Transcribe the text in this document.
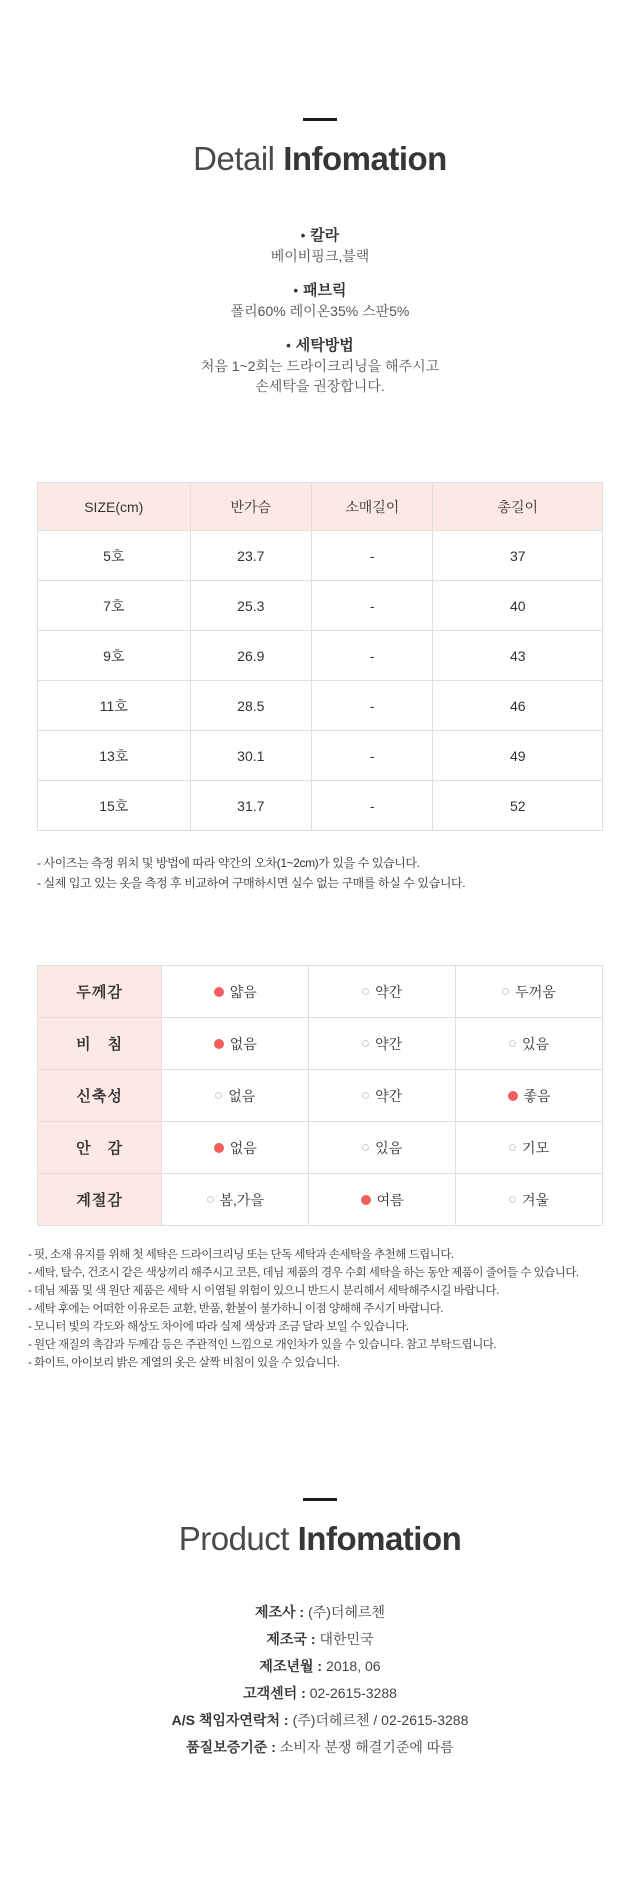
Detail Infomation
• 칼라
베이비핑크,블랙
• 패브릭
폴리60% 레이온35% 스판5%
• 세탁방법
처음 1~2회는 드라이크리닝을 해주시고
손세탁을 권장합니다.
SIZE(cm)	반가슴	소매길이	총길이
5호	23.7	-	37
7호	25.3	-	40
9호	26.9	-	43
11호	28.5	-	46
13호	30.1	-	49
15호	31.7	-	52

- 사이즈는 측정 위치 및 방법에 따라 약간의 오차(1~2cm)가 있을 수 있습니다.

- 실제 입고 있는 옷을 측정 후 비교하여 구매하시면 실수 없는 구매를 하실 수 있습니다.

두께감	얇음	약간	두꺼움

비　침	없음	약간	있음

신축성	없음	약간	좋음

안　감	없음	있음	기모

계절감	봄,가을	여름	겨울

- 핏, 소재 유지를 위해 첫 세탁은 드라이크리닝 또는 단독 세탁과 손세탁을 추천해 드립니다.

- 세탁, 탈수, 건조시 같은 색상끼리 해주시고 코튼, 데님 제품의 경우 수회 세탁을 하는 동안 제품이 줄어들 수 있습니다.

- 데님 제품 및 색 원단 제품은 세탁 시 이염될 위험이 있으니 반드시 분리해서 세탁해주시길 바랍니다.

- 세탁 후에는 어떠한 이유로든 교환, 반품, 환불이 불가하니 이점 양해해 주시기 바랍니다.

- 모니터 빛의 각도와 해상도 차이에 따라 실제 색상과 조금 달라 보일 수 있습니다.

- 원단 재질의 촉감과 두께감 등은 주관적인 느낌으로 개인차가 있을 수 있습니다. 참고 부탁드립니다.

- 화이트, 아이보리 밝은 계열의 옷은 살짝 비침이 있을 수 있습니다.

Product Infomation
제조사 : (주)더헤르첸
제조국 : 대한민국
제조년월 : 2018, 06
고객센터 : 02-2615-3288
A/S 책임자연락처 : (주)더헤르첸 / 02-2615-3288
품질보증기준 : 소비자 분쟁 해결기준에 따름
